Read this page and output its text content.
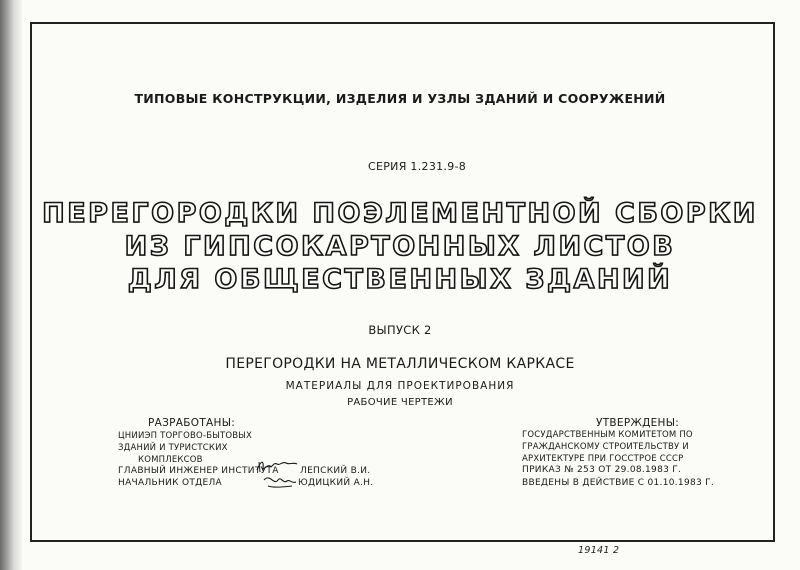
ТИПОВЫЕ КОНСТРУКЦИИ, ИЗДЕЛИЯ И УЗЛЫ ЗДАНИЙ И СООРУЖЕНИЙ
СЕРИЯ 1.231.9-8
ПЕРЕГОРОДКИ ПОЭЛЕМЕНТНОЙ СБОРКИ
ИЗ ГИПСОКАРТОННЫХ ЛИСТОВ
ДЛЯ ОБЩЕСТВЕННЫХ ЗДАНИЙ
ВЫПУСК 2
ПЕРЕГОРОДКИ НА МЕТАЛЛИЧЕСКОМ КАРКАСЕ
МАТЕРИАЛЫ ДЛЯ ПРОЕКТИРОВАНИЯ
РАБОЧИЕ ЧЕРТЕЖИ
РАЗРАБОТАНЫ:
ЦНИИЭП ТОРГОВО-БЫТОВЫХ
ЗДАНИЙ И ТУРИСТСКИХ
КОМПЛЕКСОВ
ГЛАВНЫЙ ИНЖЕНЕР ИНСТИТУТА ЛЕПСКИЙ В.И.
НАЧАЛЬНИК ОТДЕЛА	ЮДИЦКИЙ А.Н.
УТВЕРЖДЕНЫ:
ГОСУДАРСТВЕННЫМ КОМИТЕТОМ ПО
ГРАЖДАНСКОМУ СТРОИТЕЛЬСТВУ И
АРХИТЕКТУРЕ ПРИ ГОССТРОЕ СССР
ПРИКАЗ № 253 ОТ 29.08.1983 Г.
ВВЕДЕНЫ В ДЕЙСТВИЕ С 01.10.1983 Г.
19141 2
